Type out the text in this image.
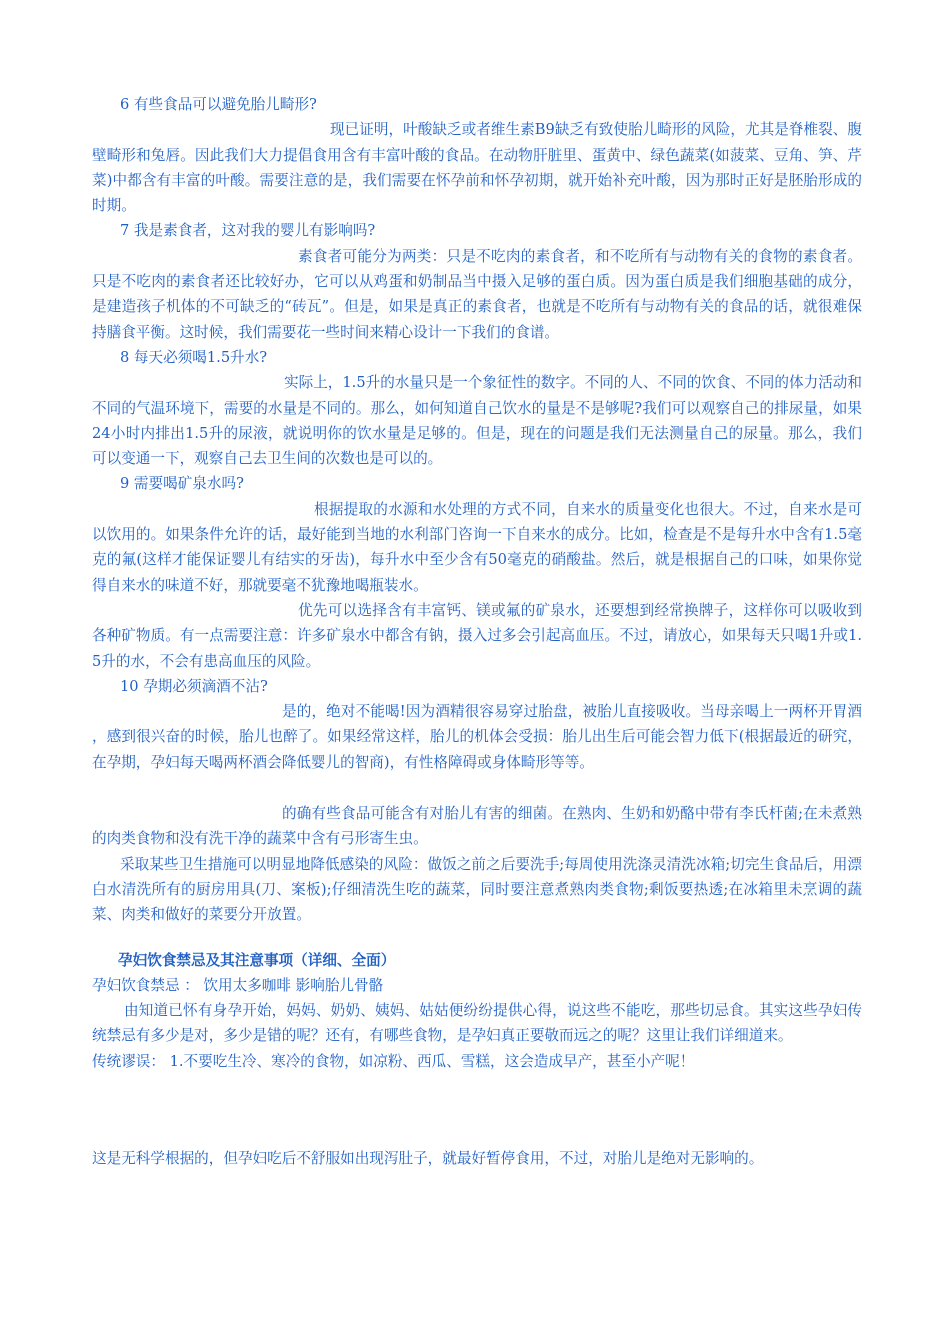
6 有些食品可以避免胎儿畸形?

现已证明，叶酸缺乏或者维生素B9缺乏有致使胎儿畸形的风险，尤其是脊椎裂、腹壁畸形和兔唇。因此我们大力提倡食用含有丰富叶酸的食品。在动物肝脏里、蛋黄中、绿色蔬菜(如菠菜、豆角、笋、芹菜)中都含有丰富的叶酸。需要注意的是，我们需要在怀孕前和怀孕初期，就开始补充叶酸，因为那时正好是胚胎形成的时期。

7 我是素食者，这对我的婴儿有影响吗?

素食者可能分为两类：只是不吃肉的素食者，和不吃所有与动物有关的食物的素食者。只是不吃肉的素食者还比较好办，它可以从鸡蛋和奶制品当中摄入足够的蛋白质。因为蛋白质是我们细胞基础的成分，是建造孩子机体的不可缺乏的“砖瓦”。但是，如果是真正的素食者，也就是不吃所有与动物有关的食品的话，就很难保持膳食平衡。这时候，我们需要花一些时间来精心设计一下我们的食谱。

8 每天必须喝1.5升水?

实际上，1.5升的水量只是一个象征性的数字。不同的人、不同的饮食、不同的体力活动和不同的气温环境下，需要的水量是不同的。那么，如何知道自己饮水的量是不是够呢?我们可以观察自己的排尿量，如果24小时内排出1.5升的尿液，就说明你的饮水量是足够的。但是，现在的问题是我们无法测量自己的尿量。那么，我们可以变通一下，观察自己去卫生间的次数也是可以的。

9 需要喝矿泉水吗?

根据提取的水源和水处理的方式不同，自来水的质量变化也很大。不过，自来水是可以饮用的。如果条件允许的话，最好能到当地的水利部门咨询一下自来水的成分。比如，检查是不是每升水中含有1.5毫克的氟(这样才能保证婴儿有结实的牙齿)，每升水中至少含有50毫克的硝酸盐。然后，就是根据自己的口味，如果你觉得自来水的味道不好，那就要毫不犹豫地喝瓶装水。

优先可以选择含有丰富钙、镁或氟的矿泉水，还要想到经常换牌子，这样你可以吸收到各种矿物质。有一点需要注意：许多矿泉水中都含有钠，摄入过多会引起高血压。不过，请放心，如果每天只喝1升或1.5升的水，不会有患高血压的风险。

10 孕期必须滴酒不沾?

是的，绝对不能喝!因为酒精很容易穿过胎盘，被胎儿直接吸收。当母亲喝上一两杯开胃酒，感到很兴奋的时候，胎儿也醉了。如果经常这样，胎儿的机体会受损：胎儿出生后可能会智力低下(根据最近的研究，在孕期，孕妇每天喝两杯酒会降低婴儿的智商)，有性格障碍或身体畸形等等。

的确有些食品可能含有对胎儿有害的细菌。在熟肉、生奶和奶酪中带有李氏杆菌;在未煮熟的肉类食物和没有洗干净的蔬菜中含有弓形寄生虫。

采取某些卫生措施可以明显地降低感染的风险：做饭之前之后要洗手;每周使用洗涤灵清洗冰箱;切完生食品后，用漂白水清洗所有的厨房用具(刀、案板);仔细清洗生吃的蔬菜，同时要注意煮熟肉类食物;剩饭要热透;在冰箱里未烹调的蔬菜、肉类和做好的菜要分开放置。

孕妇饮食禁忌及其注意事项（详细、全面）

孕妇饮食禁忌 ： 饮用太多咖啡 影响胎儿骨骼

由知道已怀有身孕开始，妈妈、奶奶、姨妈、姑姑便纷纷提供心得，说这些不能吃，那些切忌食。其实这些孕妇传统禁忌有多少是对，多少是错的呢？还有，有哪些食物，是孕妇真正要敬而远之的呢？这里让我们详细道来。

传统谬误： 1.不要吃生冷、寒冷的食物，如凉粉、西瓜、雪糕，这会造成早产，甚至小产呢！

这是无科学根据的，但孕妇吃后不舒服如出现泻肚子，就最好暂停食用，不过，对胎儿是绝对无影响的。
